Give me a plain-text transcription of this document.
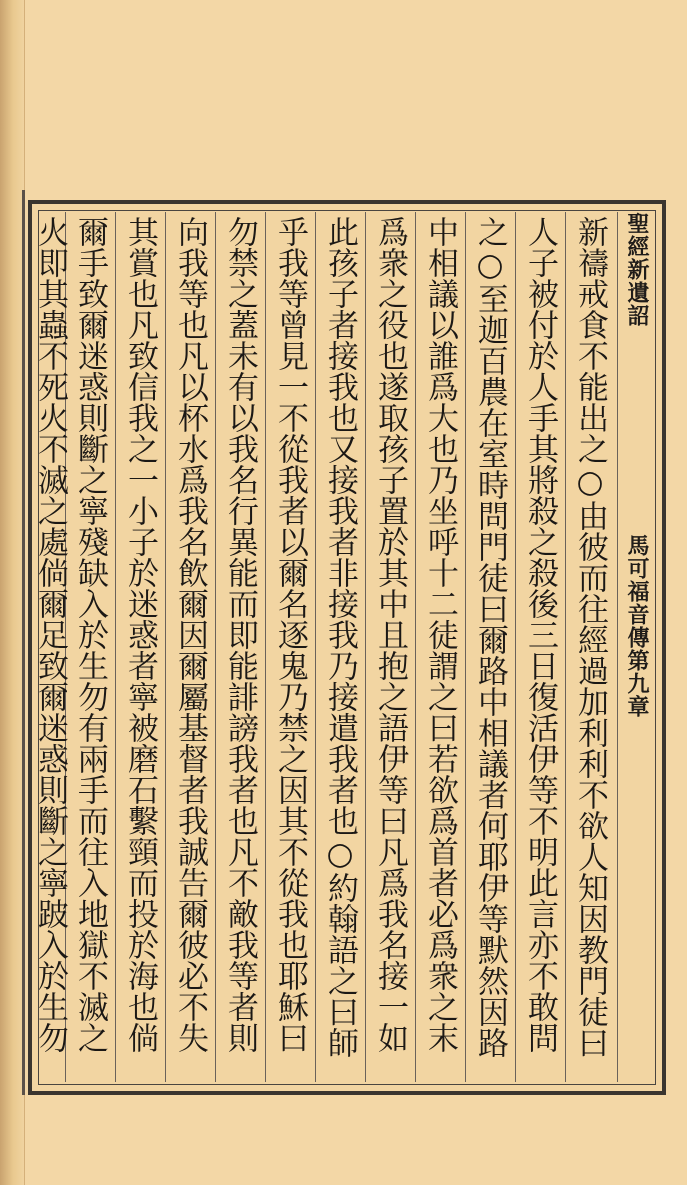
聖經新遺詔
馬可福音傳第九章
新禱戒食不能出之○由彼而往經過加利利不欲人知因教門徒曰
人子被付於人手其將殺之殺後三日復活伊等不明此言亦不敢問
之○至迦百農在室時問門徒曰爾路中相議者何耶伊等默然因路
中相議以誰爲大也乃坐呼十二徒謂之曰若欲爲首者必爲衆之末
爲衆之役也遂取孩子置於其中且抱之語伊等曰凡爲我名接一如
此孩子者接我也又接我者非接我乃接遣我者也○約翰語之曰師
乎我等曾見一不從我者以爾名逐鬼乃禁之因其不從我也耶穌曰
勿禁之蓋未有以我名行異能而即能誹謗我者也凡不敵我等者則
向我等也凡以杯水爲我名飲爾因爾屬基督者我誠告爾彼必不失
其賞也凡致信我之一小子於迷惑者寧被磨石繫頸而投於海也倘
爾手致爾迷惑則斷之寧殘缺入於生勿有兩手而往入地獄不滅之
火即其蟲不死火不滅之處倘爾足致爾迷惑則斷之寧跛入於生勿
